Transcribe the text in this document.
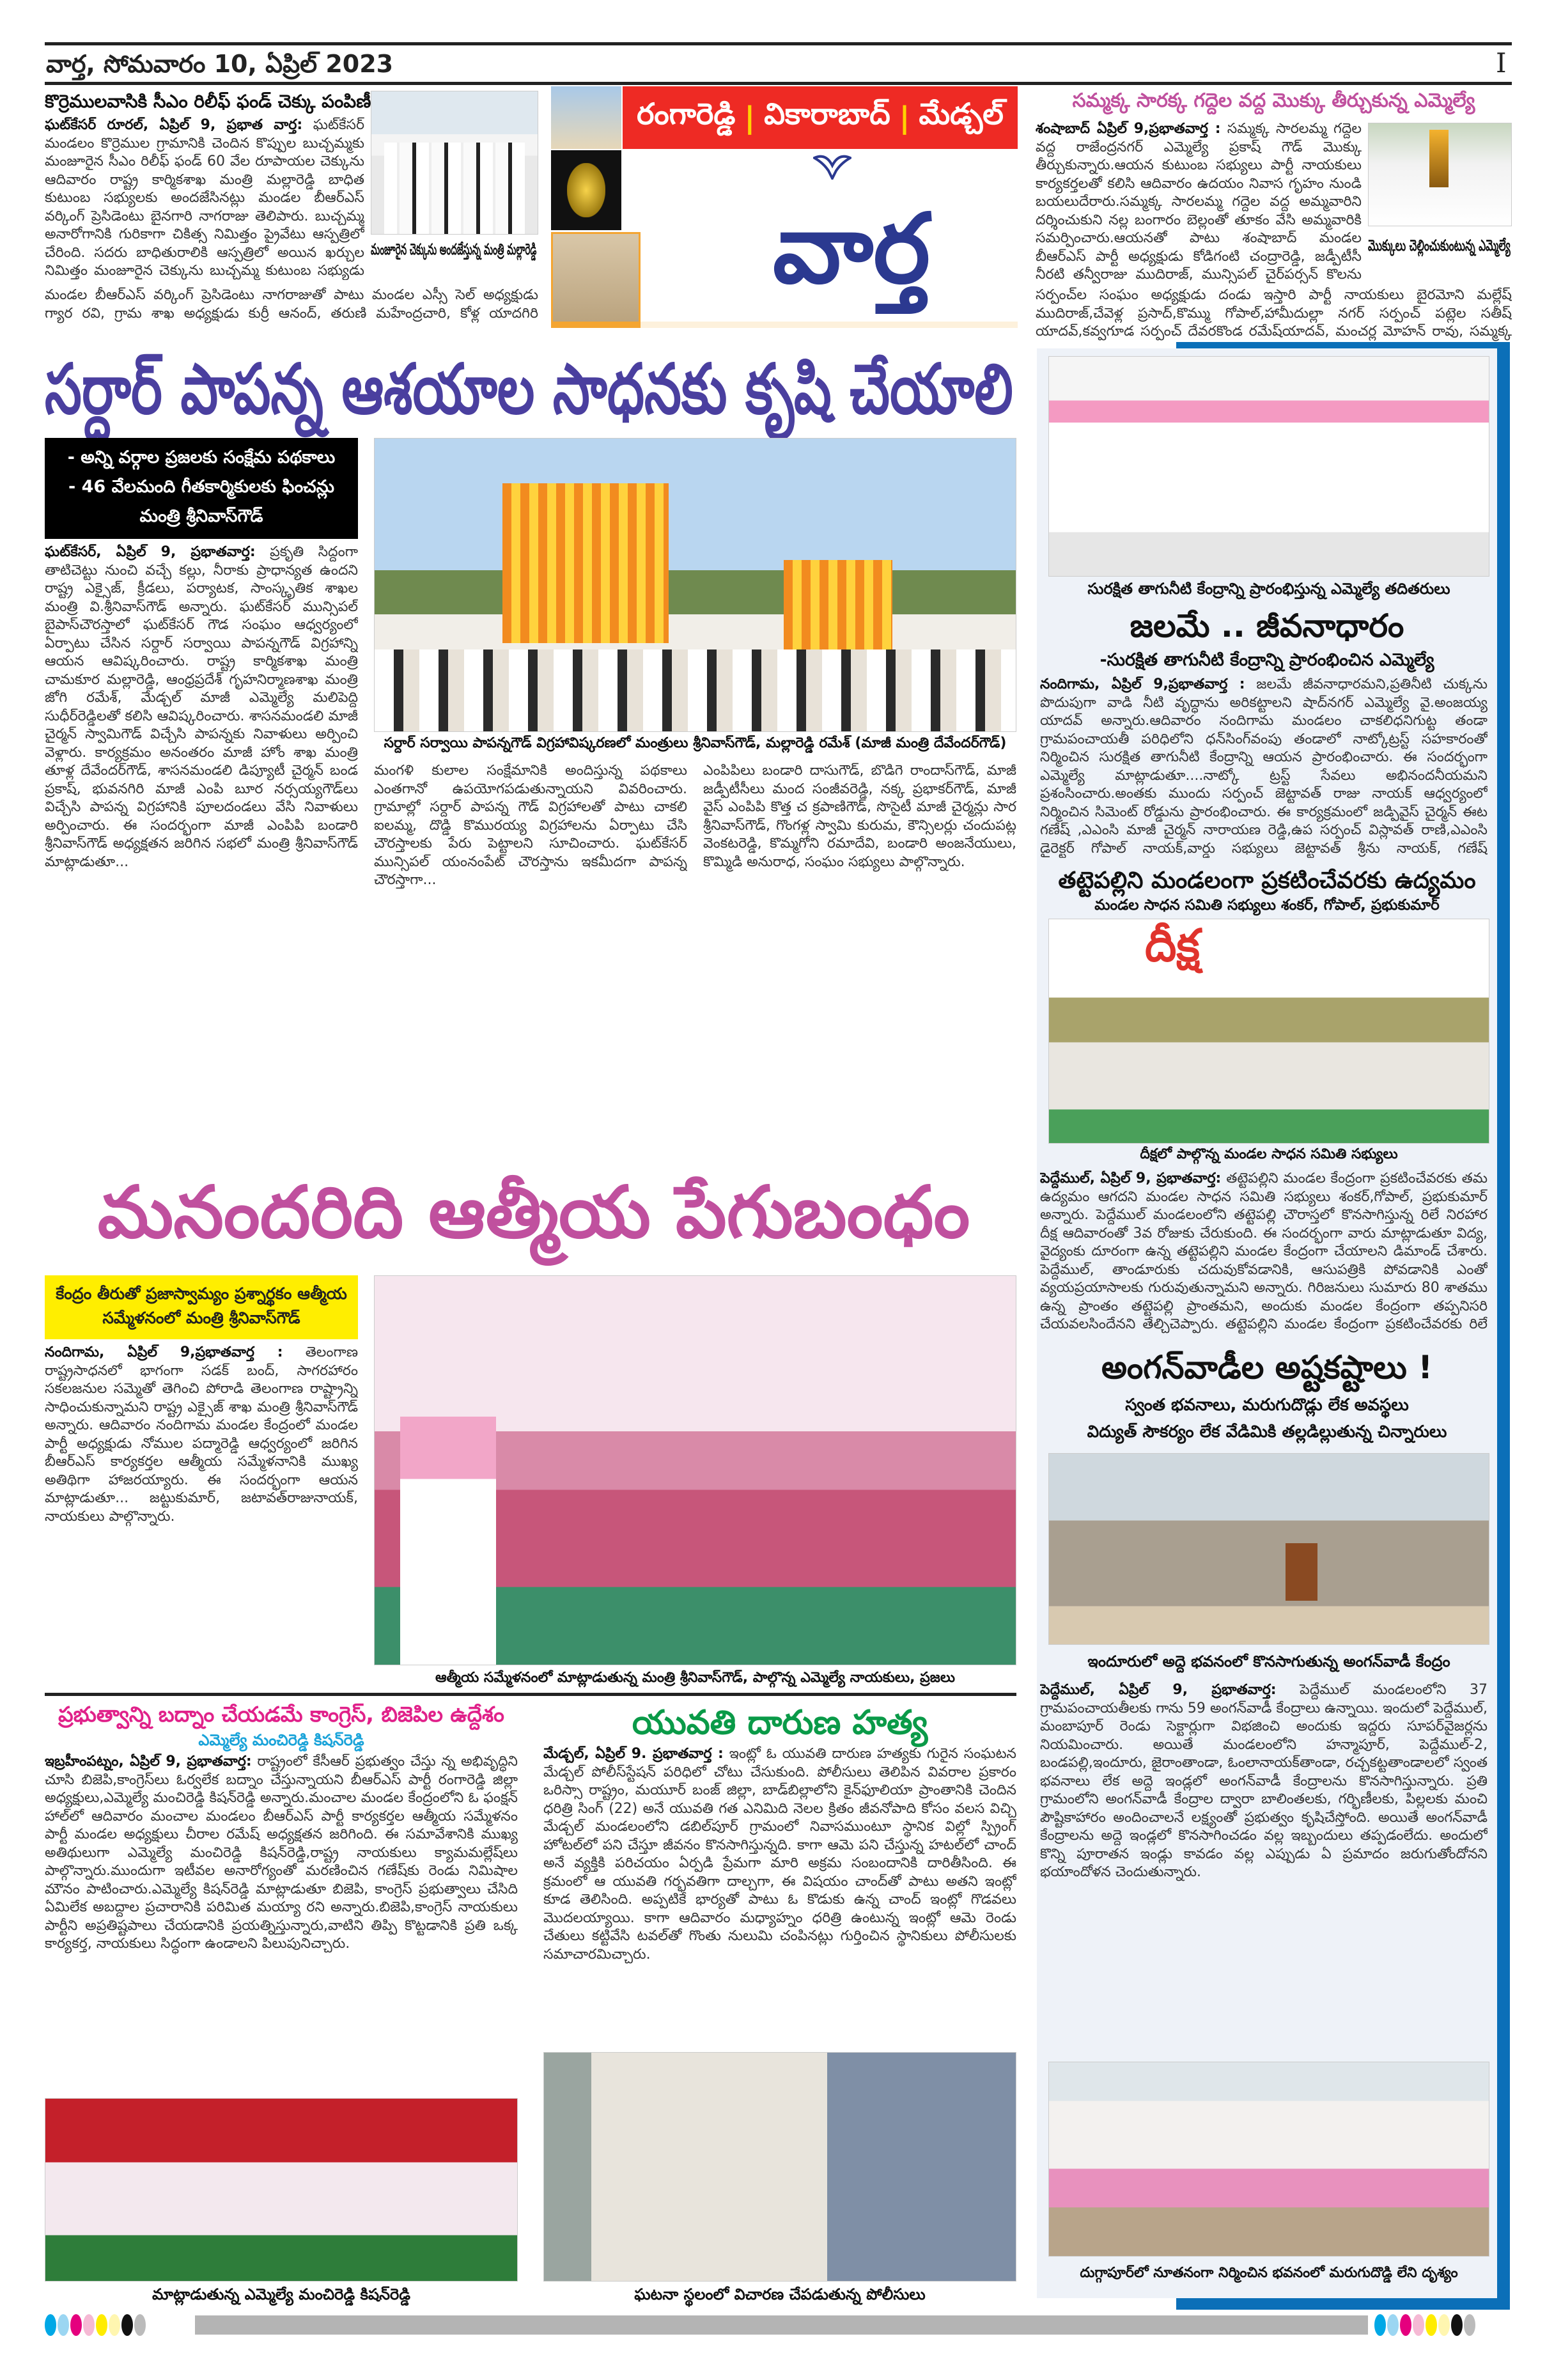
వార్త, సోమవారం 10, ఏప్రిల్ 2023	I
కొర్రెములవాసికి సీఎం రిలీఫ్ ఫండ్ చెక్కు పంపిణీ
ఘట్‌కేసర్ రూరల్, ఏప్రిల్ 9, ప్రభాత వార్త: ఘట్‌కేసర్ మండలం కొర్రెముల గ్రామానికి చెందిన కొప్పుల బుచ్చమ్మకు మంజూరైన సీఎం రిలీఫ్ ఫండ్ 60 వేల రూపాయల చెక్కును ఆదివారం రాష్ట్ర కార్మికశాఖ మంత్రి మల్లారెడ్డి బాధిత కుటుంబ సభ్యులకు అందజేసినట్లు మండల బీఆర్ఎస్ వర్కింగ్ ప్రెసిడెంటు బైనగారి నాగరాజు తెలిపారు. బుచ్చమ్మ అనారోగానికి గురికాగా చికిత్స నిమిత్తం ప్రైవేటు ఆస్పత్రిలో చేరింది. సదరు బాధితురాలికి ఆస్పత్రిలో అయిన ఖర్చుల నిమిత్తం మంజూరైన చెక్కును బుచ్చమ్మ కుటుంబ సభ్యుడు
మంజూరైన చెక్కును అందజేస్తున్న మంత్రి మల్లారెడ్డి
మండల బీఆర్ఎస్ వర్కింగ్ ప్రెసిడెంటు నాగరాజుతో పాటు మండల ఎస్సీ సెల్ అధ్యక్షుడు గ్యార రవి, గ్రామ శాఖ అధ్యక్షుడు కుర్రీ ఆనంద్, తరుణి మహేంద్రచారి, కోళ్ల యాదగిరి
రంగారెడ్డి | వికారాబాద్ | మేడ్చల్
వార్త
సమ్మక్క సారక్క గద్దెల వద్ద మొక్కు తీర్చుకున్న ఎమ్మెల్యే
శంషాబాద్ ఏప్రిల్ 9,ప్రభాతవార్త : సమ్మక్క సారలమ్మ గద్దెల వద్ద రాజేంద్రనగర్ ఎమ్మెల్యే ప్రకాష్ గౌడ్ మొక్కు తీర్చుకున్నారు.ఆయన కుటుంబ సభ్యులు పార్టీ నాయకులు కార్యకర్తలతో కలిసి ఆదివారం ఉదయం నివాస గృహం నుండి బయలుదేరారు.సమ్మక్క సారలమ్మ గద్దెల వద్ద అమ్మవారిని దర్శించుకుని నల్ల బంగారం బెల్లంతో తూకం వేసి అమ్మవారికి సమర్పించారు.ఆయనతో పాటు శంషాబాద్ మండల బీఆర్ఎస్ పార్టీ అధ్యక్షుడు కోడిగంటి చంద్రారెడ్డి, జడ్పీటీసీ నీరటి తన్వీరాజు ముదిరాజ్, మున్సిపల్ చైర్‌పర్సన్ కొలను
మొక్కులు చెల్లించుకుంటున్న ఎమ్మెల్యే
సర్పంచ్‌ల సంఘం అధ్యక్షుడు దండు ఇస్తారి పార్టీ నాయకులు బైరమోని మల్లేష్ ముదిరాజ్,చేవెళ్ల ప్రసాద్,కొమ్ము గోపాల్,హామీదుల్లా నగర్ సర్పంచ్ పట్లెల సతీష్ యాదవ్,కవ్వగూడ సర్పంచ్ దేవరకొండ రమేష్‌యాదవ్, మంచర్ల మోహన్ రావు, సమ్మక్క
సర్దార్ పాపన్న ఆశయాల సాధనకు కృషి చేయాలి
- అన్ని వర్గాల ప్రజలకు సంక్షేమ పథకాలు
- 46 వేలమంది గీతకార్మికులకు ఫించన్లు
మంత్రి శ్రీనివాస్‌గౌడ్
ఘట్‌కేసర్, ఏప్రిల్ 9, ప్రభాతవార్త: ప్రకృతి సిద్దంగా తాటిచెట్టు నుంచి వచ్చే కల్లు, నీరాకు ప్రాధాన్యత ఉందని రాష్ట్ర ఎక్సైజ్, క్రీడలు, పర్యాటక, సాంస్కృతిక శాఖల మంత్రి వి.శ్రీనివాస్‌గౌడ్ అన్నారు. ఘట్‌కేసర్ మున్సిపల్ బైపాస్‌చౌరస్తాలో ఘట్‌కేసర్ గౌడ సంఘం ఆధ్వర్యంలో ఏర్పాటు చేసిన సర్దార్ సర్వాయి పాపన్నగౌడ్ విగ్రహాన్ని ఆయన ఆవిష్కరించారు. రాష్ట్ర కార్మికశాఖ మంత్రి చామకూర మల్లారెడ్డి, ఆంధ్రప్రదేశ్ గృహనిర్మాణశాఖ మంత్రి జోగి రమేశ్, మేడ్చల్ మాజీ ఎమ్మెల్యే మలిపెద్ది సుధీర్‌రెడ్డిలతో కలిసి ఆవిష్కరించారు. శాసనమండలి మాజీ చైర్మన్ స్వామిగౌడ్ విచ్చేసి పాపన్నకు నివాళులు అర్పించి వెళ్లారు. కార్యక్రమం అనంతరం మాజీ హోం శాఖ మంత్రి తూళ్ల దేవేందర్‌గౌడ్, శాసనమండలి డిప్యూటీ చైర్మన్ బండ ప్రకాష్, భువనగిరి మాజీ ఎంపి బూర నర్సయ్యగౌడ్‌లు విచ్చేసి పాపన్న విగ్రహానికి పూలదండలు వేసి నివాళులు అర్పించారు. ఈ సందర్భంగా మాజీ ఎంపిపి బండారి శ్రీనివాస్‌గౌడ్ అధ్యక్షతన జరిగిన సభలో మంత్రి శ్రీనివాస్‌గౌడ్ మాట్లాడుతూ...
సర్దార్ సర్వాయి పాపన్నగౌడ్ విగ్రహావిష్కరణలో మంత్రులు శ్రీనివాస్‌గౌడ్, మల్లారెడ్డి రమేశ్ (మాజీ మంత్రి దేవేందర్‌గౌడ్)
మంగళి కులాల సంక్షేమానికి అందిస్తున్న పథకాలు ఎంతగానో ఉపయోగపడుతున్నాయని వివరించారు. గ్రామాల్లో సర్దార్ పాపన్న గౌడ్ విగ్రహాలతో పాటు చాకలి ఐలమ్మ, దొడ్డి కొమురయ్య విగ్రహాలను ఏర్పాటు చేసి చౌరస్తాలకు పేరు పెట్టాలని సూచించారు. ఘట్‌కేసర్ మున్సిపల్ యంనంపేట్ చౌరస్తాను ఇకమీదగా పాపన్న చౌరస్తాగా...
ఎంపిపిలు బండారి దాసుగౌడ్, బొడిగె రాందాస్‌గౌడ్, మాజీ జడ్పీటీసీలు మంద సంజీవరెడ్డి, నక్క ప్రభాకర్‌గౌడ్, మాజీ వైస్ ఎంపిపి కొత్త చ క్రపాణిగౌడ్, సొసైటీ మాజీ చైర్మన్లు సార శ్రీనివాస్‌గౌడ్, గొంగళ్ల స్వామి కురుమ, కౌన్సిలర్లు చందుపట్ల వెంకటరెడ్డి, కొమ్మగోని రమాదేవి, బండారి అంజనేయులు, కొమ్మిడి అనురాధ, సంఘం సభ్యులు పాల్గొన్నారు.
మనందరిది ఆత్మీయ పేగుబంధం
కేంద్రం తీరుతో ప్రజాస్వామ్యం ప్రశ్నార్థకం ఆత్మీయ సమ్మేళనంలో మంత్రి శ్రీనివాస్‌గౌడ్
నందిగామ, ఏప్రిల్ 9,ప్రభాతవార్త : తెలంగాణ రాష్ట్రసాధనలో భాగంగా సడక్ బంద్, సాగరహారం సకలజనుల సమ్మెతో తెగించి పోరాడి తెలంగాణ రాష్ట్రాన్ని సాధించుకున్నామని రాష్ట్ర ఎక్సైజ్ శాఖ మంత్రి శ్రీనివాస్‌గౌడ్ అన్నారు. ఆదివారం నందిగామ మండల కేంద్రంలో మండల పార్టీ అధ్యక్షుడు నోముల పద్మారెడ్డి ఆధ్వర్యంలో జరిగిన బీఆర్ఎస్ కార్యకర్తల ఆత్మీయ సమ్మేళనానికి ముఖ్య అతిథిగా హాజరయ్యారు. ఈ సందర్భంగా ఆయన మాట్లాడుతూ... జట్టుకుమార్, జటావత్‌రాజునాయక్, నాయకులు పాల్గొన్నారు.
ఆత్మీయ సమ్మేళనంలో మాట్లాడుతున్న మంత్రి శ్రీనివాస్‌గౌడ్, పాల్గొన్న ఎమ్మెల్యే నాయకులు, ప్రజలు
ప్రభుత్వాన్ని బద్నాం చేయడమే కాంగ్రెస్, బిజెపిల ఉద్దేశం
ఎమ్మెల్యే మంచిరెడ్డి కిషన్‌రెడ్డి
ఇబ్రహీంపట్నం, ఏప్రిల్ 9, ప్రభాతవార్త: రాష్ట్రంలో కేసీఆర్ ప్రభుత్వం చేస్తు న్న అభివృద్ధిని చూసి బిజెపి,కాంగ్రెస్‌లు ఓర్వలేక బద్నాం చేస్తున్నాయని బీఆర్ఎస్ పార్టీ రంగారెడ్డి జిల్లా అధ్యక్షులు,ఎమ్మెల్యే మంచిరెడ్డి కిషన్‌రెడ్డి అన్నారు.మంచాల మండల కేంద్రంలోని ఓ ఫంక్షన్ హాల్‌లో ఆదివారం మంచాల మండలం బీఆర్ఎస్ పార్టీ కార్యకర్తల ఆత్మీయ సమ్మేళనం పార్టీ మండల అధ్యక్షులు చీరాల రమేష్ అధ్యక్షతన జరిగింది. ఈ సమావేశానికి ముఖ్య అతిథులుగా ఎమ్మెల్యే మంచిరెడ్డి కిషన్‌రెడ్డి,రాష్ట్ర నాయకులు క్యామమల్లేష్‌లు పాల్గొన్నారు.ముందుగా ఇటీవల అనారోగ్యంతో మరణించిన గణేష్‌కు రెండు నిమిషాల మౌనం పాటించారు.ఎమ్మెల్యే కిషన్‌రెడ్డి మాట్లాడుతూ బిజెపి, కాంగ్రెస్ ప్రభుత్వాలు చేసిది ఏమిలేక అబద్దాల ప్రచారానికి పరిమిత మయ్యా రని అన్నారు.బిజెపి,కాంగ్రెస్ నాయకులు పార్టీని అప్రతిష్టపాలు చేయడానికి ప్రయత్నిస్తున్నారు,వాటిని తిప్పి కొట్టడానికి ప్రతి ఒక్క కార్యకర్త, నాయకులు సిద్ధంగా ఉండాలని పిలుపునిచ్చారు.
మాట్లాడుతున్న ఎమ్మెల్యే మంచిరెడ్డి కిషన్‌రెడ్డి
యువతి దారుణ హత్య
మేడ్చల్, ఏప్రిల్ 9. ప్రభాతవార్త : ఇంట్లో ఓ యువతి దారుణ హత్యకు గురైన సంఘటన మేడ్చల్ పోలీస్‌స్టేషన్ పరిధిలో చోటు చేసుకుంది. పోలీసులు తెలిపిన వివరాల ప్రకారం ఒరిస్సా రాష్ట్రం, మయూర్ బంజ్ జిల్లా, బాడ్‌బిల్లాలోని కైన్‌ఫూలియా ప్రాంతానికి చెందిన ధరిత్రి సింగ్ (22) అనే యువతి గత ఎనిమిది నెలల క్రితం జీవనోపాది కోసం వలస విచ్చి మేడ్చల్ మండలంలోని డబిల్‌పూర్ గ్రామంలో నివాసముంటూ స్థానిక విల్లో స్ప్రింగ్ హోటల్‌లో పని చేస్తూ జీవనం కొనసాగిస్తున్నది. కాగా ఆమె పని చేస్తున్న హటల్‌లో చాంద్ అనే వ్యక్తికి పరిచయం ఏర్పడి ప్రేమగా మారి అక్రమ సంబందానికి దారితీసింది. ఈ క్రమంలో ఆ యువతి గర్భవతిగా దాల్చగా, ఈ విషయం చాంద్‌తో పాటు అతని ఇంట్లో కూడ తెలిసింది. అప్పటికే భార్యతో పాటు ఓ కొడుకు ఉన్న చాంద్ ఇంట్లో గొడవలు మొదలయ్యాయి. కాగా ఆదివారం మధ్యాహ్నం ధరిత్రి ఉంటున్న ఇంట్లో ఆమె రెండు చేతులు కట్టివేసి టవల్‌తో గొంతు నులుమి చంపినట్లు గుర్తించిన స్థానికులు పోలీసులకు సమాచారమిచ్చారు.
ఘటనా స్థలంలో విచారణ చేపడుతున్న పోలీసులు
సురక్షిత తాగునీటి కేంద్రాన్ని ప్రారంభిస్తున్న ఎమ్మెల్యే తదితరులు
జలమే .. జీవనాధారం
-సురక్షిత తాగునీటి కేంద్రాన్ని ప్రారంభించిన ఎమ్మెల్యే
నందిగామ, ఏప్రిల్ 9,ప్రభాతవార్త : జలమే జీవనాధారమని,ప్రతినీటి చుక్కను పొదుపుగా వాడి నీటి వృద్ధాను అరికట్టాలని షాద్‌నగర్ ఎమ్మెల్యే వై.అంజయ్య యాదవ్ అన్నారు.ఆదివారం నందిగామ మండలం చాకలిధనిగుట్ట తండా గ్రామపంచాయతీ పరిధిలోని ధన్‌సింగ్‌వంపు తండాలో నాట్కోట్రస్ట్ సహకారంతో నిర్మించిన సురక్షిత తాగునీటి కేంద్రాన్ని ఆయన ప్రారంభించారు. ఈ సందర్భంగా ఎమ్మెల్యే మాట్లాడుతూ....నాట్కో ట్రస్ట్ సేవలు అభినందనీయమని ప్రశంసించారు.అంతకు ముందు సర్పంచ్ జెట్టావత్ రాజు నాయక్ ఆధ్వర్యంలో నిర్మించిన సిమెంట్ రోడ్డును ప్రారంభించారు. ఈ కార్యక్రమంలో జడ్పివైస్ చైర్మన్ ఈట గణేష్ ,ఎఎంసి మాజీ చైర్మన్ నారాయణ రెడ్డి,ఉప సర్పంచ్ విస్లావత్ రాణి,ఎఎంసి డైరెక్టర్ గోపాల్ నాయక్,వార్డు సభ్యులు జెట్టావత్ శ్రీను నాయక్, గణేష్
తట్టెపల్లిని మండలంగా ప్రకటించేవరకు ఉద్యమం
మండల సాధన సమితి సభ్యులు శంకర్, గోపాల్, ప్రభుకుమార్
దీక్ష
దీక్షలో పాల్గొన్న మండల సాధన సమితి సభ్యులు
పెద్దేముల్, ఏప్రిల్ 9, ప్రభాతవార్త: తట్టెపల్లిని మండల కేంద్రంగా ప్రకటించేవరకు తమ ఉద్యమం ఆగదని మండల సాధన సమితి సభ్యులు శంకర్,గోపాల్, ప్రభుకుమార్ అన్నారు. పెద్దేముల్ మండలంలోని తట్టెపల్లి చౌరాస్తలో కొనసాగిస్తున్న రిలే నిరహార దీక్ష ఆదివారంతో 3వ రోజుకు చేరుకుంది. ఈ సందర్భంగా వారు మాట్లాడుతూ విద్య, వైద్యంకు దూరంగా ఉన్న తట్టెపల్లిని మండల కేంద్రంగా చేయాలని డిమాండ్ చేశారు. పెద్దేముల్, తాండూరుకు చదువుకోవడానికి, ఆసుపత్రికి పోవడానికి ఎంతో వ్యయప్రయాసాలకు గురువుతున్నామని అన్నారు. గిరిజనులు సుమారు 80 శాతము ఉన్న ప్రాంతం తట్టెపల్లి ప్రాంతమని, అందుకు మండల కేంద్రంగా తప్పనిసరి చేయవలసిందేనని తేల్చిచెప్పారు. తట్టెపల్లిని మండల కేంద్రంగా ప్రకటించేవరకు రిలే
అంగన్‌వాడీల అష్టకష్టాలు !
స్వంత భవనాలు, మరుగుదొడ్లు లేక అవస్థలు
విద్యుత్ సౌకర్యం లేక వేడిమికి తల్లడిల్లుతున్న చిన్నారులు
ఇందూరులో అద్దె భవనంలో కొనసాగుతున్న అంగన్‌వాడీ కేంద్రం
పెద్దేముల్, ఏప్రిల్ 9, ప్రభాతవార్త: పెద్దేముల్ మండలంలోని 37 గ్రామపంచాయతీలకు గాను 59 అంగన్‌వాడీ కేంద్రాలు ఉన్నాయి. ఇందులో పెద్దేముల్, మంబాపూర్ రెండు సెక్టార్లుగా విభజించి అందుకు ఇద్దరు సూపర్‌వైజర్లను నియమించారు. అయితే మండలంలోని హన్మాపూర్, పెద్దేముల్-2, బండపల్లి,ఇందూరు, జైరాంతాండా, ఓంలానాయక్‌తాండా, రచ్చకట్టతాండాలలో స్వంత భవనాలు లేక అద్దె ఇండ్లలో అంగన్‌వాడీ కేంద్రాలను కొనసాగిస్తున్నారు. ప్రతి గ్రామంలోని అంగన్‌వాడీ కేంద్రాల ద్వారా బాలింతలకు, గర్భిణీలకు, పిల్లలకు మంచి పౌష్టికాహారం అందించాలనే లక్ష్యంతో ప్రభుత్వం కృషిచేస్తోంది. అయితే అంగన్‌వాడీ కేంద్రాలను అద్దె ఇండ్లలో కొనసాగించడం వల్ల ఇబ్బందులు తప్పడంలేదు. అందులో కొన్ని పూరాతన ఇండ్లు కావడం వల్ల ఎప్పుడు ఏ ప్రమాదం జరుగుతోందోనని భయాందోళన చెందుతున్నారు.
దుగ్గాపూర్‌లో నూతనంగా నిర్మించిన భవనంలో మరుగుదొడ్డి లేని దృశ్యం
